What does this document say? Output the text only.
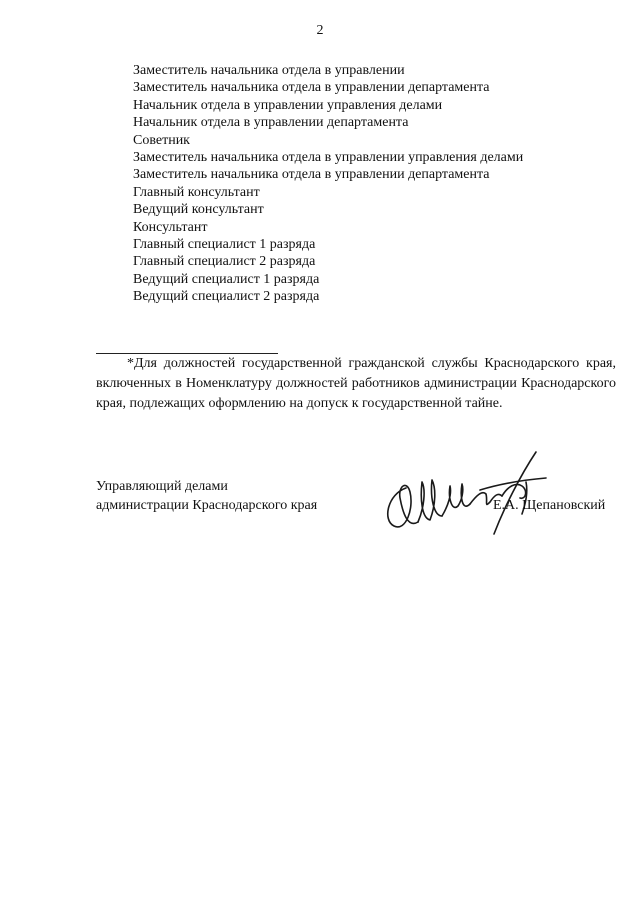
2
Заместитель начальника отдела в управлении
Заместитель начальника отдела в управлении департамента
Начальник отдела в управлении управления делами
Начальник отдела в управлении департамента
Советник
Заместитель начальника отдела в управлении управления делами
Заместитель начальника отдела в управлении департамента
Главный консультант
Ведущий консультант
Консультант
Главный специалист 1 разряда
Главный специалист 2 разряда
Ведущий специалист 1 разряда
Ведущий специалист 2 разряда

*Для должностей государственной гражданской службы Краснодарского края, включенных в Номенклатуру должностей работников администрации Краснодарского края, подлежащих оформлению на допуск к государственной тайне.

Управляющий делами
администрации Краснодарского края	Е.А. Щепановский
